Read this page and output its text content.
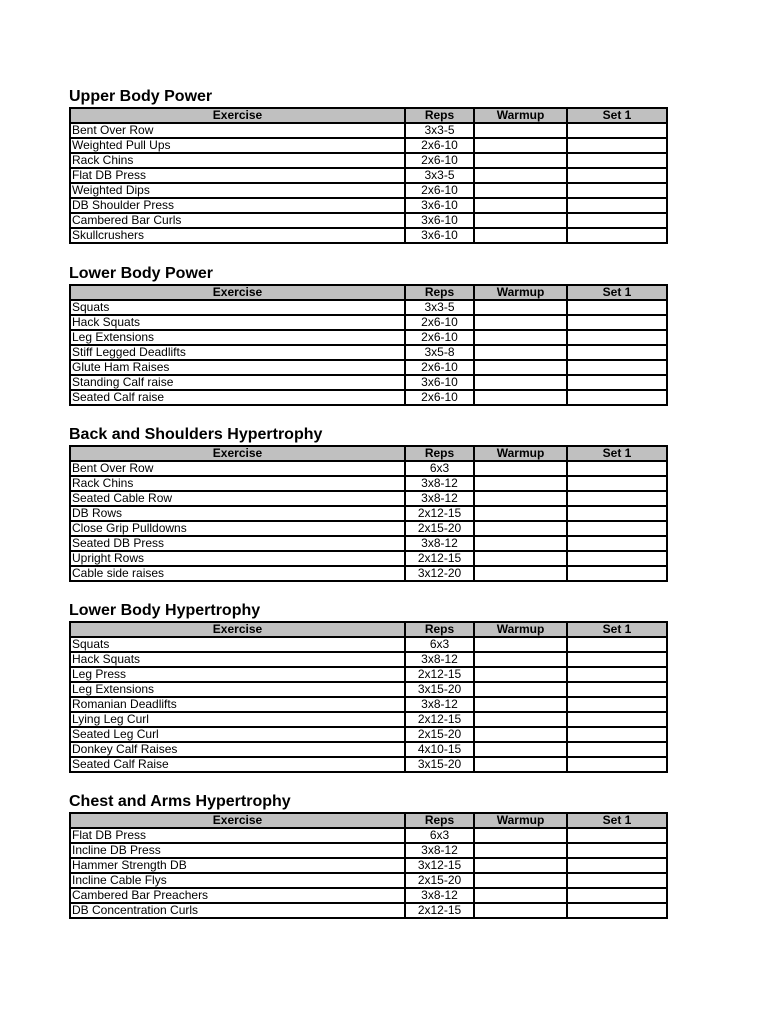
Upper Body Power
Exercise	Reps	Warmup	Set 1
Bent Over Row	3x3-5		
Weighted Pull Ups	2x6-10		
Rack Chins	2x6-10		
Flat DB Press	3x3-5		
Weighted Dips	2x6-10		
DB Shoulder Press	3x6-10		
Cambered Bar Curls	3x6-10		
Skullcrushers	3x6-10		
Lower Body Power
Exercise	Reps	Warmup	Set 1
Squats	3x3-5		
Hack Squats	2x6-10		
Leg Extensions	2x6-10		
Stiff Legged Deadlifts	3x5-8		
Glute Ham Raises	2x6-10		
Standing Calf raise	3x6-10		
Seated Calf raise	2x6-10		
Back and Shoulders Hypertrophy
Exercise	Reps	Warmup	Set 1
Bent Over Row	6x3		
Rack Chins	3x8-12		
Seated Cable Row	3x8-12		
DB Rows	2x12-15		
Close Grip Pulldowns	2x15-20		
Seated DB Press	3x8-12		
Upright Rows	2x12-15		
Cable side raises	3x12-20		
Lower Body Hypertrophy
Exercise	Reps	Warmup	Set 1
Squats	6x3		
Hack Squats	3x8-12		
Leg Press	2x12-15		
Leg Extensions	3x15-20		
Romanian Deadlifts	3x8-12		
Lying Leg Curl	2x12-15		
Seated Leg Curl	2x15-20		
Donkey Calf Raises	4x10-15		
Seated Calf Raise	3x15-20		
Chest and Arms Hypertrophy
Exercise	Reps	Warmup	Set 1
Flat DB Press	6x3		
Incline DB Press	3x8-12		
Hammer Strength DB	3x12-15		
Incline Cable Flys	2x15-20		
Cambered Bar Preachers	3x8-12		
DB Concentration Curls	2x12-15		
